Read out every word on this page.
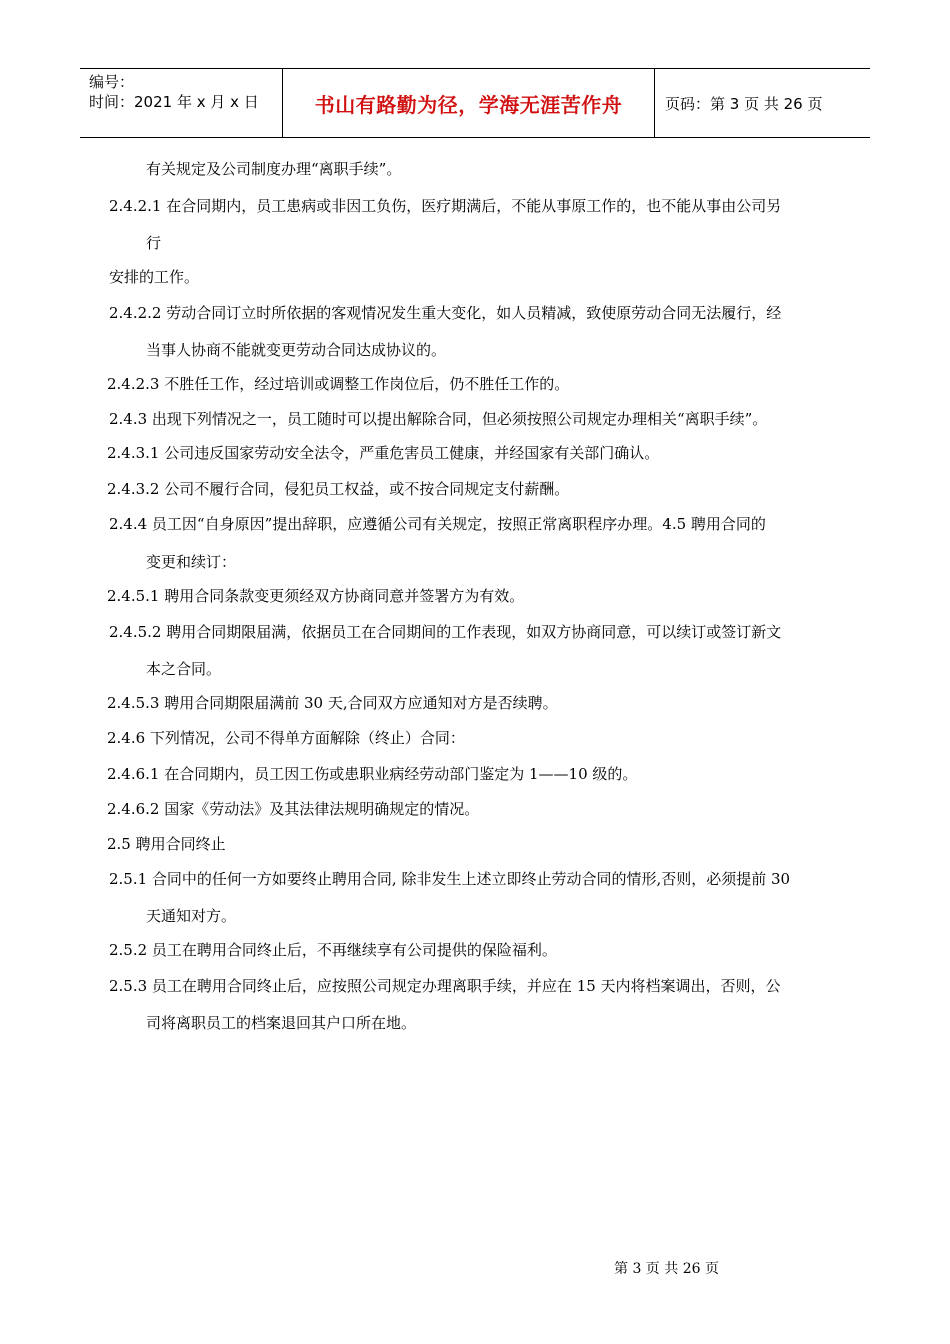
编号：
时间：2021 年 x 月 x 日	书山有路勤为径，学海无涯苦作舟	页码：第 3 页 共 26 页
有关规定及公司制度办理“离职手续”。
2.4.2.1 在合同期内，员工患病或非因工负伤，医疗期满后，不能从事原工作的，也不能从事由公司另
行
安排的工作。
2.4.2.2 劳动合同订立时所依据的客观情况发生重大变化，如人员精减，致使原劳动合同无法履行，经
当事人协商不能就变更劳动合同达成协议的。
2.4.2.3 不胜任工作，经过培训或调整工作岗位后，仍不胜任工作的。
2.4.3 出现下列情况之一，员工随时可以提出解除合同，但必须按照公司规定办理相关“离职手续”。
2.4.3.1 公司违反国家劳动安全法令，严重危害员工健康，并经国家有关部门确认。
2.4.3.2 公司不履行合同，侵犯员工权益，或不按合同规定支付薪酬。
2.4.4 员工因“自身原因”提出辞职，应遵循公司有关规定，按照正常离职程序办理。4.5 聘用合同的
变更和续订：
2.4.5.1 聘用合同条款变更须经双方协商同意并签署方为有效。
2.4.5.2 聘用合同期限届满，依据员工在合同期间的工作表现，如双方协商同意，可以续订或签订新文
本之合同。
2.4.5.3 聘用合同期限届满前 30 天,合同双方应通知对方是否续聘。
2.4.6 下列情况，公司不得单方面解除（终止）合同：
2.4.6.1 在合同期内，员工因工伤或患职业病经劳动部门鉴定为 1——10 级的。
2.4.6.2 国家《劳动法》及其法律法规明确规定的情况。
2.5 聘用合同终止
2.5.1 合同中的任何一方如要终止聘用合同, 除非发生上述立即终止劳动合同的情形,否则，必须提前 30
天通知对方。
2.5.2 员工在聘用合同终止后，不再继续享有公司提供的保险福利。
2.5.3 员工在聘用合同终止后，应按照公司规定办理离职手续，并应在 15 天内将档案调出，否则，公
司将离职员工的档案退回其户口所在地。
第 3 页 共 26 页
